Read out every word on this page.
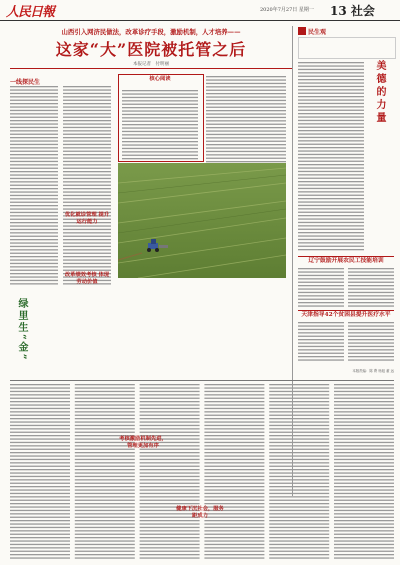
人民日報	2020年7月27日 星期一 13 社会
山西引入网济民做法，改革诊疗手段，激励机制，人才培养——
这家“大”医院被托管之后
本报记者　付明丽
一线探民生

绿里生“金”
核心阅读
优化就诊管理 提升运行能力
改革绩效考核 体现劳动价值
民生观
美德的力量
辽宁鼓励开展农民工技能培训
天津指导42个贫困县提升医疗水平
本版责编：陈 朔 杨旭 翟 远
考核激励机制先进，管理更加有序
健康下沉社会，服务距成力
